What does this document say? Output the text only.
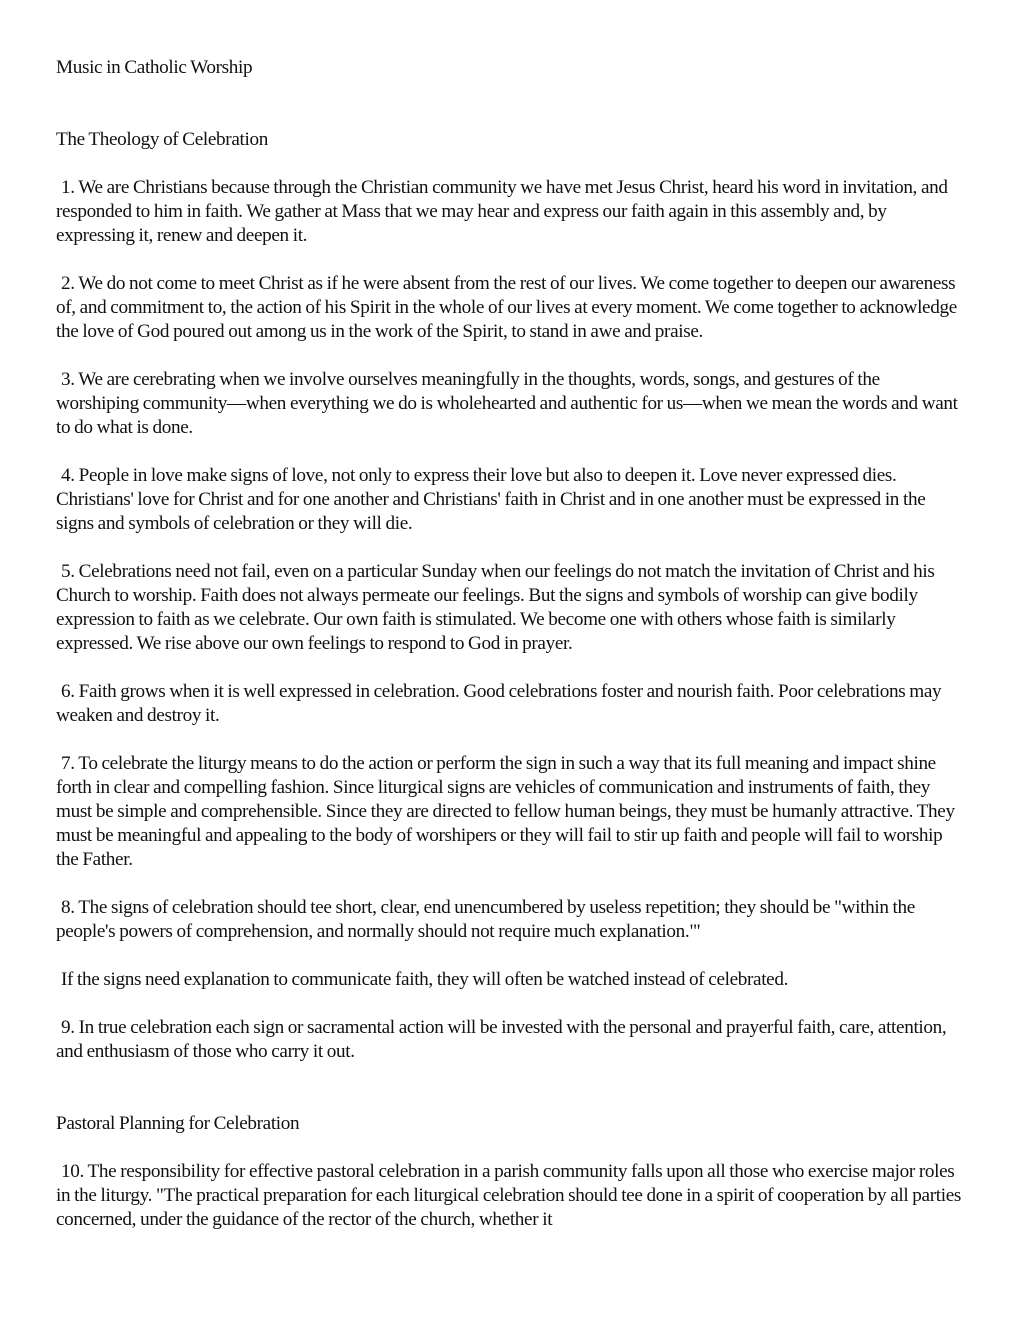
Music in Catholic Worship
The Theology of Celebration

1. We are Christians because through the Christian community we have met Jesus Christ, heard his word in invitation, and responded to him in faith. We gather at Mass that we may hear and express our faith again in this assembly and, by expressing it, renew and deepen it.

2. We do not come to meet Christ as if he were absent from the rest of our lives. We come together to deepen our awareness of, and commitment to, the action of his Spirit in the whole of our lives at every moment. We come together to acknowledge the love of God poured out among us in the work of the Spirit, to stand in awe and praise.

3. We are cerebrating when we involve ourselves meaningfully in the thoughts, words, songs, and gestures of the worshiping community—when everything we do is wholehearted and authentic for us—when we mean the words and want to do what is done.

4. People in love make signs of love, not only to express their love but also to deepen it. Love never expressed dies. Christians' love for Christ and for one another and Christians' faith in Christ and in one another must be expressed in the signs and symbols of celebration or they will die.

5. Celebrations need not fail, even on a particular Sunday when our feelings do not match the invitation of Christ and his Church to worship. Faith does not always permeate our feelings. But the signs and symbols of worship can give bodily expression to faith as we celebrate. Our own faith is stimulated. We become one with others whose faith is similarly expressed. We rise above our own feelings to respond to God in prayer.

6. Faith grows when it is well expressed in celebration. Good celebrations foster and nourish faith. Poor celebrations may weaken and destroy it.

7. To celebrate the liturgy means to do the action or perform the sign in such a way that its full meaning and impact shine forth in clear and compelling fashion. Since liturgical signs are vehicles of communication and instruments of faith, they must be simple and comprehensible. Since they are directed to fellow human beings, they must be humanly attractive. They must be meaningful and appealing to the body of worshipers or they will fail to stir up faith and people will fail to worship the Father.

8. The signs of celebration should tee short, clear, end unencumbered by useless repetition; they should be "within the people's powers of comprehension, and normally should not require much explanation."'

If the signs need explanation to communicate faith, they will often be watched instead of celebrated.

9. In true celebration each sign or sacramental action will be invested with the personal and prayerful faith, care, attention, and enthusiasm of those who carry it out.

Pastoral Planning for Celebration

10. The responsibility for effective pastoral celebration in a parish community falls upon all those who exercise major roles in the liturgy. "The practical preparation for each liturgical celebration should tee done in a spirit of cooperation by all parties concerned, under the guidance of the rector of the church, whether it
